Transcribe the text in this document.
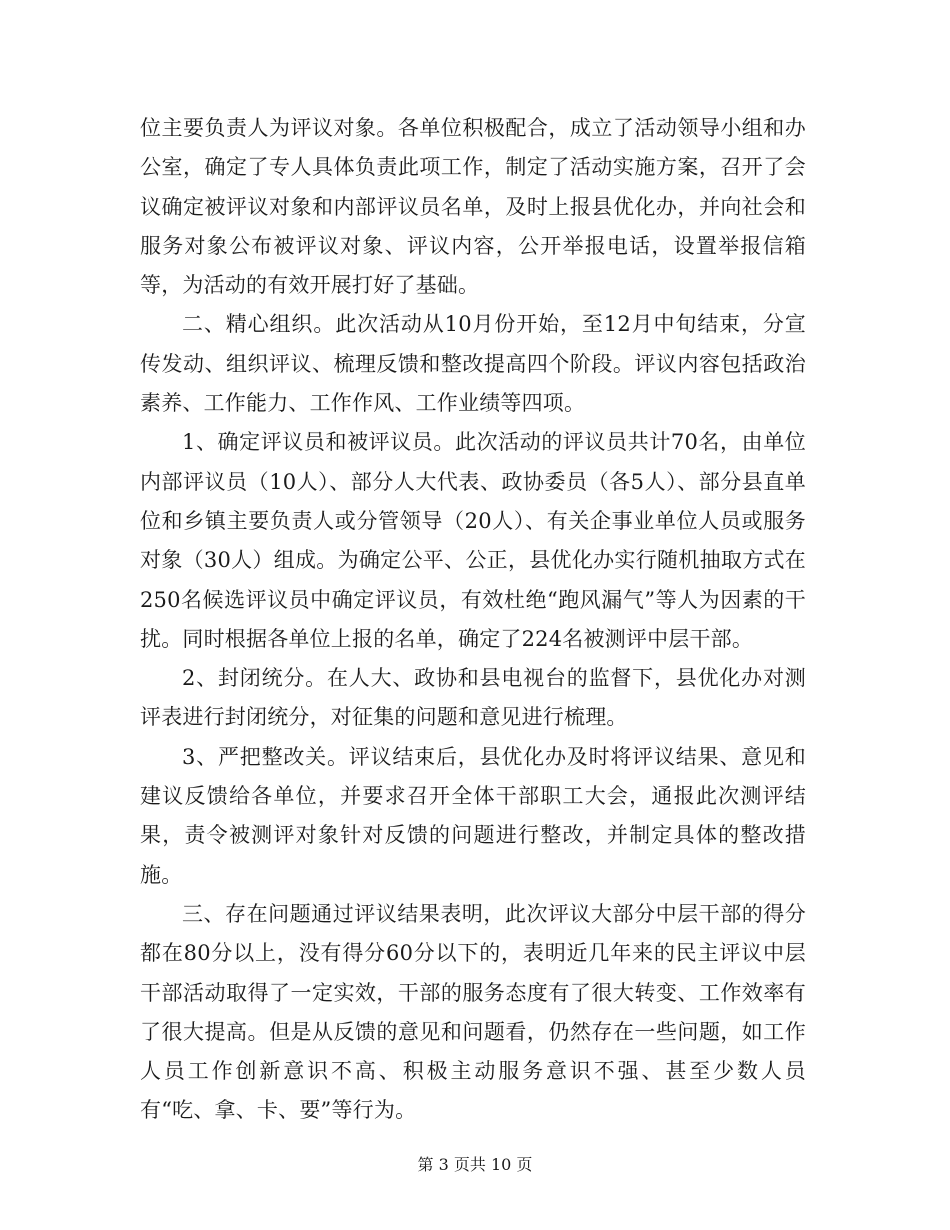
位主要负责人为评议对象。各单位积极配合，成立了活动领导小组和办公室，确定了专人具体负责此项工作，制定了活动实施方案，召开了会议确定被评议对象和内部评议员名单，及时上报县优化办，并向社会和服务对象公布被评议对象、评议内容，公开举报电话，设置举报信箱等，为活动的有效开展打好了基础。

二、精心组织。此次活动从10月份开始，至12月中旬结束，分宣传发动、组织评议、梳理反馈和整改提高四个阶段。评议内容包括政治素养、工作能力、工作作风、工作业绩等四项。

1、确定评议员和被评议员。此次活动的评议员共计70名，由单位内部评议员（10人）、部分人大代表、政协委员（各5人）、部分县直单位和乡镇主要负责人或分管领导（20人）、有关企事业单位人员或服务对象（30人）组成。为确定公平、公正，县优化办实行随机抽取方式在250名候选评议员中确定评议员，有效杜绝“跑风漏气”等人为因素的干扰。同时根据各单位上报的名单，确定了224名被测评中层干部。

2、封闭统分。在人大、政协和县电视台的监督下，县优化办对测评表进行封闭统分，对征集的问题和意见进行梳理。

3、严把整改关。评议结束后，县优化办及时将评议结果、意见和建议反馈给各单位，并要求召开全体干部职工大会，通报此次测评结果，责令被测评对象针对反馈的问题进行整改，并制定具体的整改措施。

三、存在问题通过评议结果表明，此次评议大部分中层干部的得分都在80分以上，没有得分60分以下的，表明近几年来的民主评议中层干部活动取得了一定实效，干部的服务态度有了很大转变、工作效率有了很大提高。但是从反馈的意见和问题看，仍然存在一些问题，如工作人员工作创新意识不高、积极主动服务意识不强、甚至少数人员有“吃、拿、卡、要”等行为。

第 3 页共 10 页
